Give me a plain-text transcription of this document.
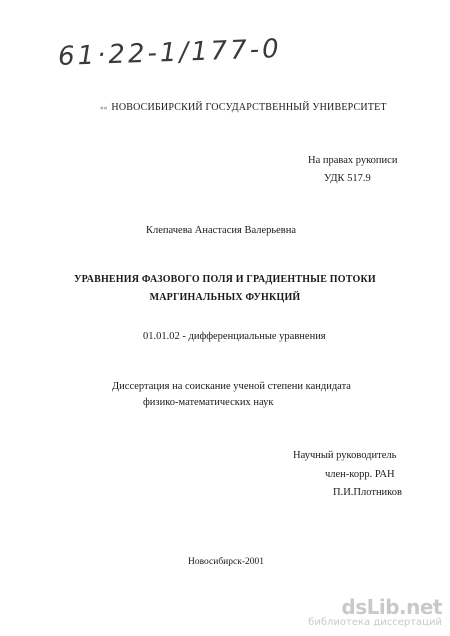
61·22-1/177-0
«« НОВОСИБИРСКИЙ ГОСУДАРСТВЕННЫЙ УНИВЕРСИТЕТ
На правах рукописи
УДК 517.9
Клепачева Анастасия Валерьевна
УРАВНЕНИЯ ФАЗОВОГО ПОЛЯ И ГРАДИЕНТНЫЕ ПОТОКИ
МАРГИНАЛЬНЫХ ФУНКЦИЙ
01.01.02 - дифференциальные уравнения
Диссертация на соискание ученой степени кандидата
физико-математических наук
Научный руководитель
член-корр. РАН
П.И.Плотников
Новосибирск-2001
dsLib.net
библиотека диссертаций
